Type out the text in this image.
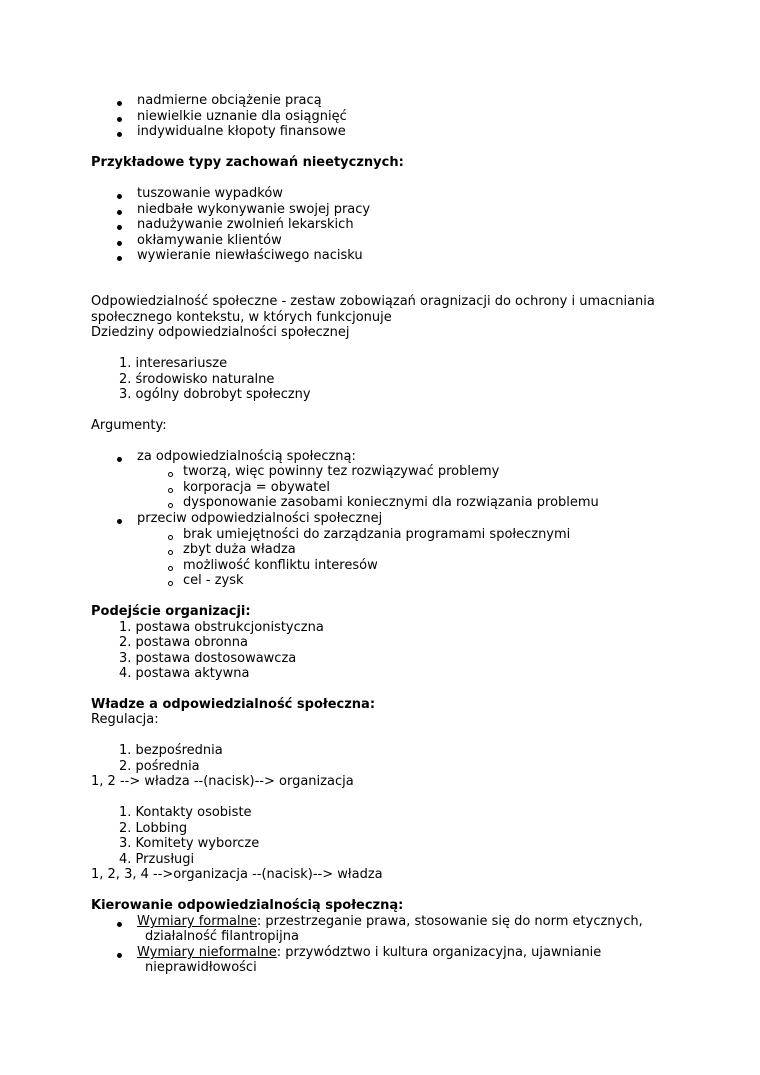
nadmierne obciążenie pracą
niewielkie uznanie dla osiągnięć
indywidualne kłopoty finansowe
Przykładowe typy zachowań nieetycznych:
tuszowanie wypadków
niedbałe wykonywanie swojej pracy
nadużywanie zwolnień lekarskich
okłamywanie klientów
wywieranie niewłaściwego nacisku
Odpowiedzialność społeczne - zestaw zobowiązań oragnizacji do ochrony i umacniania
społecznego kontekstu, w których funkcjonuje
Dziedziny odpowiedzialności społecznej
1. interesariusze
2. środowisko naturalne
3. ogólny dobrobyt społeczny
Argumenty:
za odpowiedzialnością społeczną:
tworzą, więc powinny tez rozwiązywać problemy
korporacja = obywatel
dysponowanie zasobami koniecznymi dla rozwiązania problemu
przeciw odpowiedzialności społecznej
brak umiejętności do zarządzania programami społecznymi
zbyt duża władza
możliwość konfliktu interesów
cel - zysk
Podejście organizacji:
1. postawa obstrukcjonistyczna
2. postawa obronna
3. postawa dostosowawcza
4. postawa aktywna
Władze a odpowiedzialność społeczna:
Regulacja:
1. bezpośrednia
2. pośrednia
1, 2 --> władza --(nacisk)--> organizacja
1. Kontakty osobiste
2. Lobbing
3. Komitety wyborcze
4. Przusługi
1, 2, 3, 4 -->organizacja --(nacisk)--> władza
Kierowanie odpowiedzialnością społeczną:
Wymiary formalne: przestrzeganie prawa, stosowanie się do norm etycznych,
działalność filantropijna
Wymiary nieformalne: przywództwo i kultura organizacyjna, ujawnianie
nieprawidłowości
